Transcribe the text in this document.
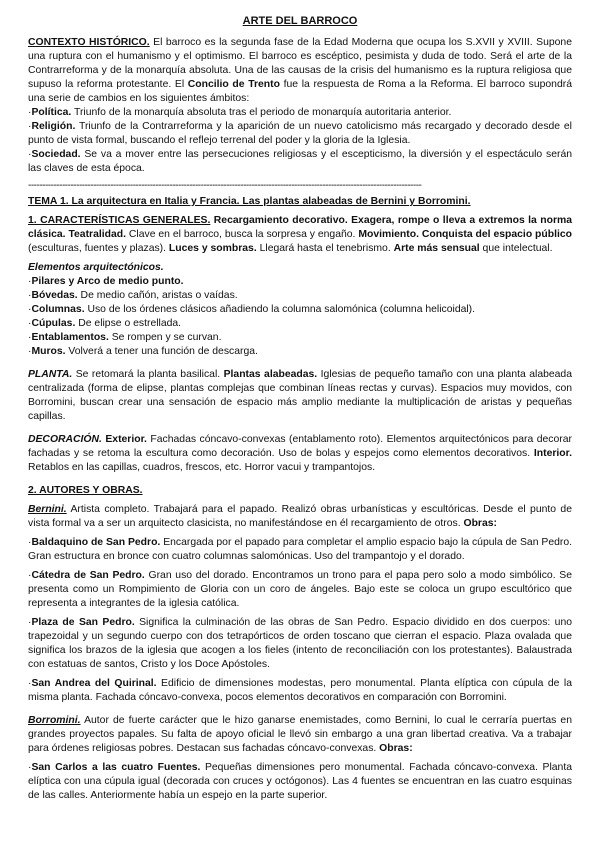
ARTE DEL BARROCO

CONTEXTO HISTÓRICO. El barroco es la segunda fase de la Edad Moderna que ocupa los S.XVII y XVIII. Supone una ruptura con el humanismo y el optimismo. El barroco es escéptico, pesimista y duda de todo. Será el arte de la Contrarreforma y de la monarquía absoluta. Una de las causas de la crisis del humanismo es la ruptura religiosa que supuso la reforma protestante. El Concilio de Trento fue la respuesta de Roma a la Reforma. El barroco supondrá una serie de cambios en los siguientes ámbitos:

·Política. Triunfo de la monarquía absoluta tras el periodo de monarquía autoritaria anterior.

·Religión. Triunfo de la Contrarreforma y la aparición de un nuevo catolicismo más recargado y decorado desde el punto de vista formal, buscando el reflejo terrenal del poder y la gloria de la Iglesia.

·Sociedad. Se va a mover entre las persecuciones religiosas y el escepticismo, la diversión y el espectáculo serán las claves de esta época.

-------------------------------------------------------------------------------------------------------------------------------------------

TEMA 1. La arquitectura en Italia y Francia. Las plantas alabeadas de Bernini y Borromini.

1. CARACTERÍSTICAS GENERALES. Recargamiento decorativo. Exagera, rompe o lleva a extremos la norma clásica. Teatralidad. Clave en el barroco, busca la sorpresa y engaño. Movimiento. Conquista del espacio público (esculturas, fuentes y plazas). Luces y sombras. Llegará hasta el tenebrismo. Arte más sensual que intelectual.

Elementos arquitectónicos.

·Pilares y Arco de medio punto.

·Bóvedas. De medio cañón, aristas o vaídas.

·Columnas. Uso de los órdenes clásicos añadiendo la columna salomónica (columna helicoidal).

·Cúpulas. De elipse o estrellada.

·Entablamentos. Se rompen y se curvan.

·Muros. Volverá a tener una función de descarga.

PLANTA. Se retomará la planta basilical. Plantas alabeadas. Iglesias de pequeño tamaño con una planta alabeada centralizada (forma de elipse, plantas complejas que combinan líneas rectas y curvas). Espacios muy movidos, con Borromini, buscan crear una sensación de espacio más amplio mediante la multiplicación de aristas y pequeñas capillas.

DECORACIÓN. Exterior. Fachadas cóncavo-convexas (entablamento roto). Elementos arquitectónicos para decorar fachadas y se retoma la escultura como decoración. Uso de bolas y espejos como elementos decorativos. Interior. Retablos en las capillas, cuadros, frescos, etc. Horror vacui y trampantojos.

2. AUTORES Y OBRAS.

Bernini. Artista completo. Trabajará para el papado. Realizó obras urbanísticas y escultóricas. Desde el punto de vista formal va a ser un arquitecto clasicista, no manifestándose en él recargamiento de otros. Obras:

·Baldaquino de San Pedro. Encargada por el papado para completar el amplio espacio bajo la cúpula de San Pedro. Gran estructura en bronce con cuatro columnas salomónicas. Uso del trampantojo y el dorado.

·Cátedra de San Pedro. Gran uso del dorado. Encontramos un trono para el papa pero solo a modo simbólico. Se presenta como un Rompimiento de Gloria con un coro de ángeles. Bajo este se coloca un grupo escultórico que representa a integrantes de la iglesia católica.

·Plaza de San Pedro. Significa la culminación de las obras de San Pedro. Espacio dividido en dos cuerpos: uno trapezoidal y un segundo cuerpo con dos tetrapórticos de orden toscano que cierran el espacio. Plaza ovalada que significa los brazos de la iglesia que acogen a los fieles (intento de reconciliación con los protestantes). Balaustrada con estatuas de santos, Cristo y los Doce Apóstoles.

·San Andrea del Quirinal. Edificio de dimensiones modestas, pero monumental. Planta elíptica con cúpula de la misma planta. Fachada cóncavo-convexa, pocos elementos decorativos en comparación con Borromini.

Borromini. Autor de fuerte carácter que le hizo ganarse enemistades, como Bernini, lo cual le cerraría puertas en grandes proyectos papales. Su falta de apoyo oficial le llevó sin embargo a una gran libertad creativa. Va a trabajar para órdenes religiosas pobres. Destacan sus fachadas cóncavo-convexas. Obras:

·San Carlos a las cuatro Fuentes. Pequeñas dimensiones pero monumental. Fachada cóncavo-convexa. Planta elíptica con una cúpula igual (decorada con cruces y octógonos). Las 4 fuentes se encuentran en las cuatro esquinas de las calles. Anteriormente había un espejo en la parte superior.
